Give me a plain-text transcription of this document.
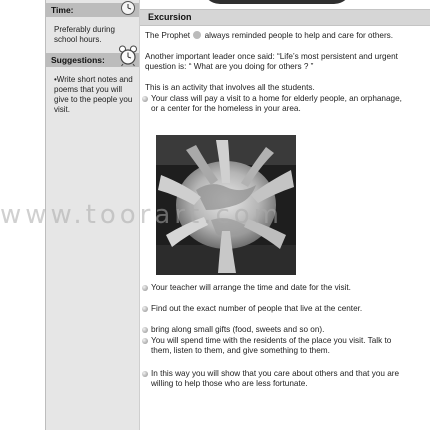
Time:
Preferably during school hours.
Suggestions:
•Write short notes and poems that you will give to the people you visit.
Excursion
The Prophet always reminded people to help and care for others.
Another important leader once said: “Life’s most persistent and urgent question is: “ What are you doing for others ? ”
This is an activity that involves all the students.
Your class will pay a visit to a home for elderly people, an orphanage, or a center for the homeless in your area.
Your teacher will arrange the time and date for the visit.
Find out the exact number of people that live at the center.
bring along small gifts (food, sweets and so on).
You will spend time with the residents of the place you visit. Talk to them, listen to them, and give something to them.
In this way you will show that you care about others and that you are willing to help those who are less fortunate.
www.toorart.com
